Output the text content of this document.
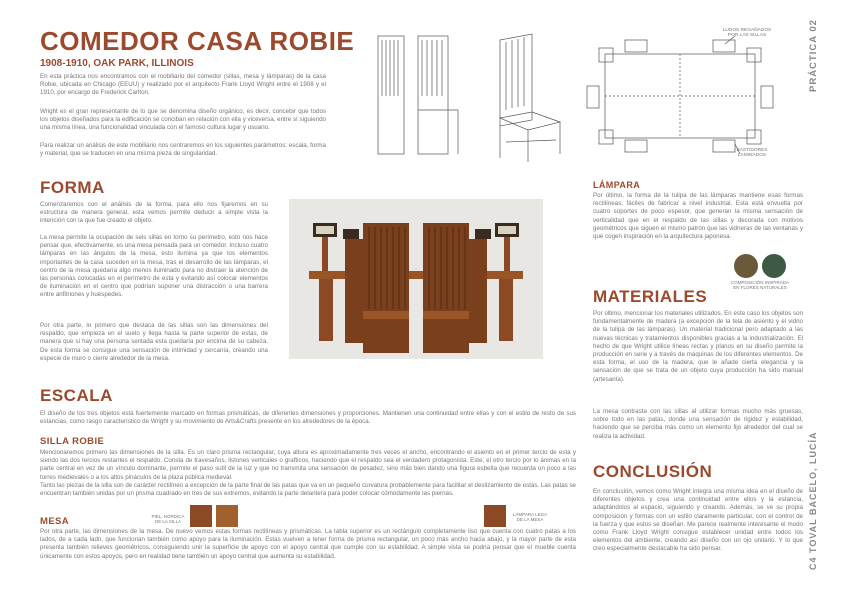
COMEDOR CASA ROBIE
1908-1910, OAK PARK, ILLINOIS
En esta práctica nos encontramos con el mobiliario del comedor (sillas, mesa y lámparas) de la casa Robie, ubicada en Chicago (EEUU) y realizado por el arquitecto Frank Lloyd Wright entre el 1908 y el 1910, por encargo de Frederick Carlton.
Wright es el gran representante de lo que se denomina diseño orgánico, es decir, concebir que todos los objetos diseñados para la edificación se conciban en relación con ella y viceversa, entre sí siguiendo una misma línea, una funcionalidad vinculada con el famoso cultura lugar y usuario.
Para realizar un análisis de este mobiliario nos centraremos en los siguientes parámetros: escala, forma y material, que se traducen en una misma pieza de singularidad.
LUDOS REGAÑADOS POR LAS SILLAS
BASTIDORES LAMINADOS
PRÁCTICA 02
C4 TOVAL BACELO, LUCÍA
FORMA
Comenzaremos con el análisis de la forma, para ello nos fijaremos en su estructura de manera general, esta vemos permite deducir a simple vista la intención con la que fue creado el objeto.
La mesa permite la ocupación de seis sillas en torno su perímetro, esto nos hace pensar que, efectivamente, es una mesa pensada para un comedor. Incluso cuatro lámparas en las ángulos de la mesa, esto ilumina ya que los elementos importantes de la casa suceden en la mesa, tras el desarrollo de las lámparas, el centro de la mesa quedaría algo menos iluminado para no distraer la atención de las personas colocadas en el perímetro de esta y evitando así colocar elementos de iluminación en el centro que podrían suponer una distracción o una barrera entre anfitriones y huéspedes.
Por otra parte, lo primero que destaca de las sillas son las dimensiones del respaldo, que empieza en el suelo y llega hasta la parte superior de estas, de manera que si hay una persona sentada esta quedaría por encima de su cabeza. De esta forma se consigue una sensación de intimidad y cercanía, creando una especie de muro o cierre alrededor de la mesa.
ESCALA
El diseño de los tres objetos está fuertemente marcado en formas prismáticas, de diferentes dimensiones y proporciones. Mantienen una continuidad entre ellas y con el estilo de resto de sus estancias, como rasgo característico de Wright y su movimiento de Arts&Crafts presente en los alrededores de la época.
SILLA ROBIE
Mencionaremos primero las dimensiones de la silla. Es un claro prisma rectangular, cuya altura es aproximadamente tres veces el ancho, encontrando el asiento en el primer tercio de esta y siendo las dos tercios restantes el respaldo. Consta de travesaños, listones verticales o grafticos, haciendo que el respaldo sea el verdadero protagonista. Este, el otro tercio por lo ánimas en la parte central en vez de un vínculo dominante, permite el paso sutil de la luz y que no transmita una sensación de pesadez, sino más bien dando una figura esbelta que recuerda un poco a las torres medievales o a los altos pináculos de la plaza pública medieval.
Tanto las piezas de la silla son de carácter rectilíneo a excepción de la parte final de las patas que va en un pequeño curvatura probablemente para facilitar el deslizamiento de estas. Las patas se encuentran también unidas por un prisma cuadrado en tres de sus extremos, evitando la parte delantera para poder colocar cómodamente las piernas.
MESA
Por otra parte, las dimensiones de la mesa. De nuevo vemos estas formas rectilíneas y prismáticas. La tabla superior es un rectángulo completamente liso que cuenta con cuatro patas a los lados, de a cada lado, que funcionan también como apoyo para la iluminación. Estas vuelven a tener forma de prisma rectangular, un poco más ancho hacia abajo, y la mayor parte de esta presenta también relieves geométricos, consiguiendo unir la superficie de apoyo con el apoyo central que cumple con su estabilidad. A simple vista se podría pensar que el mueble cuenta únicamente con estos apoyos, pero en realidad tiene también un apoyo central que aumenta su estabilidad.
PIEL, NÓRDICA DE LA SILLA
LÁMPARA LEGA DE LA MESA
LÁMPARA
Por último, la forma de la tulipa de las lámparas mantiene esas formas rectilíneas, fáciles de fabricar a nivel industrial. Esta está envuelta por cuatro soportes de poco espesor, que generan la misma sensación de verticalidad que en el respaldo de las sillas y decorada con motivos geométricos que siguen el mismo patrón que las vidrieras de las ventanas y que cogen inspiración en la arquitectura japonesa.
COMPOSICIÓN INSPIRADA EN FLORES NATURALES
MATERIALES
Por último, mencionar los materiales utilizados. En este caso los objetos son fundamentalmente de madera (a excepción de la tela de asiento y el vidrio de la tulipa de las lámparas). Un material tradicional pero adaptado a las nuevas técnicas y tratamientos disponibles gracias a la industrialización. El hecho de que Wright utilice líneas rectas y planos en su diseño permite la producción en serie y a través de máquinas de los diferentes elementos. De esta forma, el uso de la madera, que le añade cierta elegancia y la sensación de que se trata de un objeto cuya producción ha sido manual (artesanía).
La mesa contrasta con las sillas al utilizar formas mucho más gruesas, sobre todo en las patas, donde una sensación de rigidez y estabilidad, haciendo que se perciba más como un elemento fijo alrededor del cual se realiza la actividad.
CONCLUSIÓN
En conclusión, vemos como Wright integra una misma idea en el diseño de diferentes objetos y crea una continuidad entre ellos y la estancia, adaptándolos al espacio, siguiendo y creando. Además, se ve su propia composición y formas con un estilo claramente particular, con el control de la fuerza y que estos se diseñan. Me parece realmente interesante el modo como Frank Lloyd Wright consigue establecer unidad entre todos los elementos del ambiente, creando así diseño con un ojo unitario. Y lo que creo especialmente destacable ha sido pensar.
